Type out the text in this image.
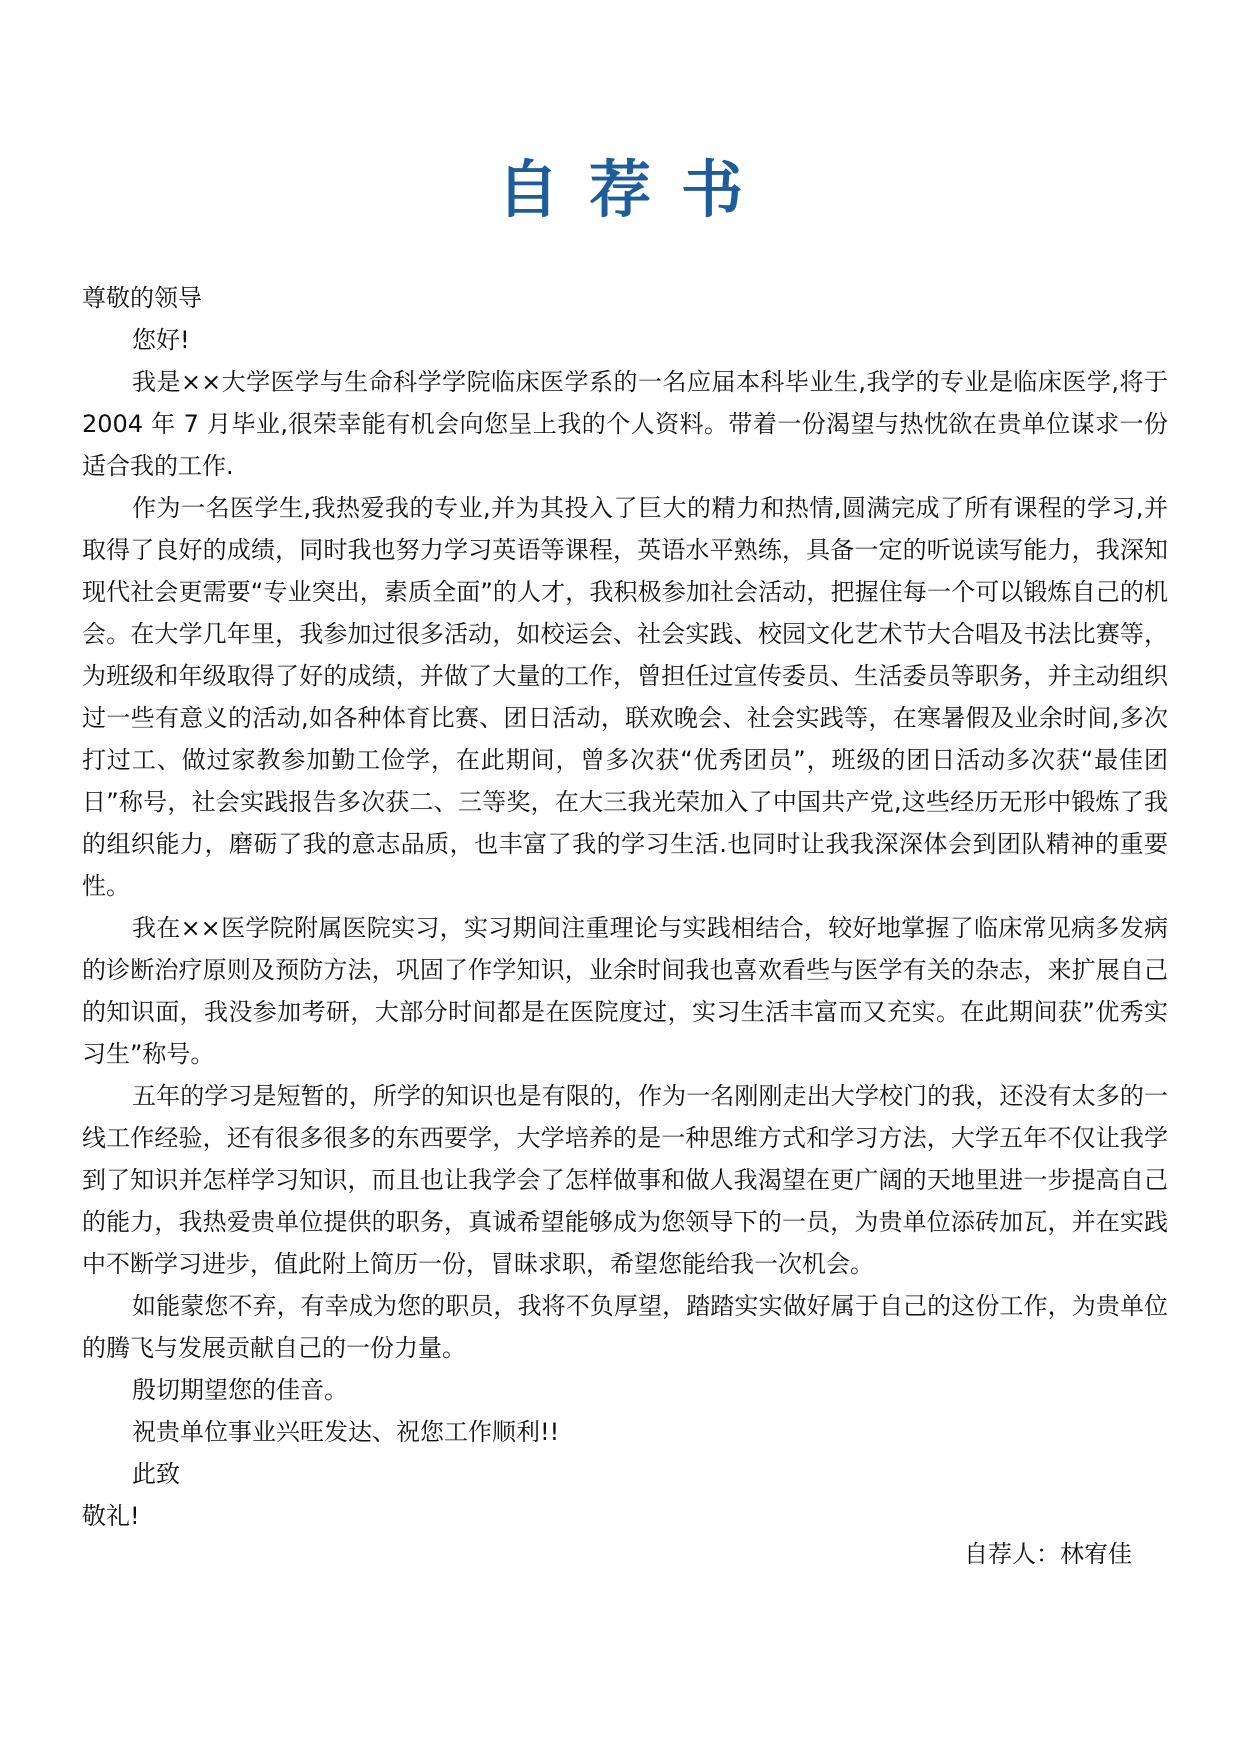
自荐书

尊敬的领导

您好!

我是××大学医学与生命科学学院临床医学系的一名应届本科毕业生,我学的专业是临床医学,将于 2004 年 7 月毕业,很荣幸能有机会向您呈上我的个人资料。带着一份渴望与热忱欲在贵单位谋求一份适合我的工作.

作为一名医学生,我热爱我的专业,并为其投入了巨大的精力和热情,圆满完成了所有课程的学习,并取得了良好的成绩，同时我也努力学习英语等课程，英语水平熟练，具备一定的听说读写能力，我深知现代社会更需要“专业突出，素质全面”的人才，我积极参加社会活动，把握住每一个可以锻炼自己的机会。在大学几年里，我参加过很多活动，如校运会、社会实践、校园文化艺术节大合唱及书法比赛等，为班级和年级取得了好的成绩，并做了大量的工作，曾担任过宣传委员、生活委员等职务，并主动组织过一些有意义的活动,如各种体育比赛、团日活动，联欢晚会、社会实践等，在寒暑假及业余时间,多次打过工、做过家教参加勤工俭学，在此期间，曾多次获“优秀团员”，班级的团日活动多次获“最佳团日”称号，社会实践报告多次获二、三等奖，在大三我光荣加入了中国共产党,这些经历无形中锻炼了我的组织能力，磨砺了我的意志品质，也丰富了我的学习生活.也同时让我我深深体会到团队精神的重要性。

我在××医学院附属医院实习，实习期间注重理论与实践相结合，较好地掌握了临床常见病多发病的诊断治疗原则及预防方法，巩固了作学知识，业余时间我也喜欢看些与医学有关的杂志，来扩展自己的知识面，我没参加考研，大部分时间都是在医院度过，实习生活丰富而又充实。在此期间获”优秀实习生”称号。

五年的学习是短暂的，所学的知识也是有限的，作为一名刚刚走出大学校门的我，还没有太多的一线工作经验，还有很多很多的东西要学，大学培养的是一种思维方式和学习方法，大学五年不仅让我学到了知识并怎样学习知识，而且也让我学会了怎样做事和做人我渴望在更广阔的天地里进一步提高自己的能力，我热爱贵单位提供的职务，真诚希望能够成为您领导下的一员，为贵单位添砖加瓦，并在实践中不断学习进步，值此附上简历一份，冒昧求职，希望您能给我一次机会。

如能蒙您不弃，有幸成为您的职员，我将不负厚望，踏踏实实做好属于自己的这份工作，为贵单位的腾飞与发展贡献自己的一份力量。

殷切期望您的佳音。

祝贵单位事业兴旺发达、祝您工作顺利!!

此致

敬礼!

自荐人：林宥佳
